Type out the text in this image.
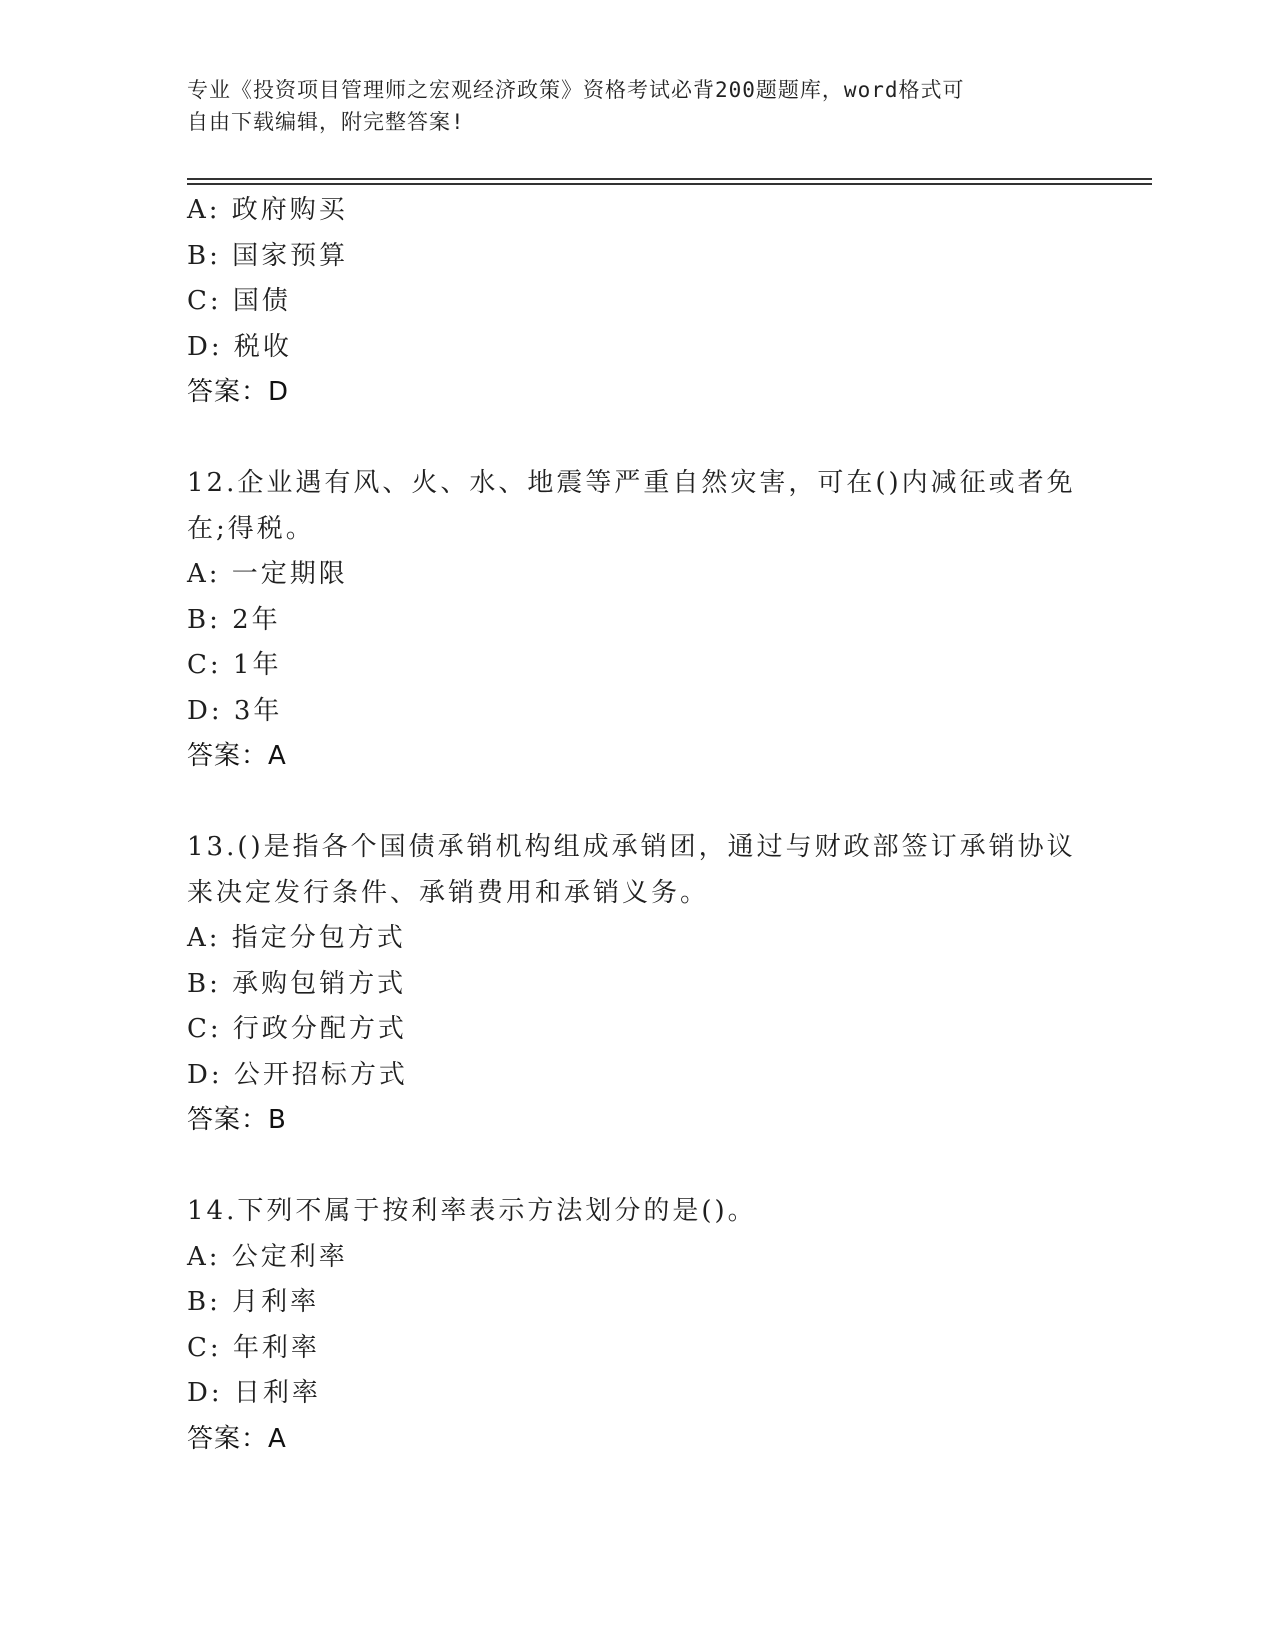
专业《投资项目管理师之宏观经济政策》资格考试必背200题题库，word格式可
自由下载编辑，附完整答案!
A: 政府购买
B: 国家预算
C: 国债
D: 税收
答案：D
12.企业遇有风、火、水、地震等严重自然灾害，可在()内减征或者免
在;得税。
A: 一定期限
B: 2年
C: 1年
D: 3年
答案：A
13.()是指各个国债承销机构组成承销团，通过与财政部签订承销协议
来决定发行条件、承销费用和承销义务。
A: 指定分包方式
B: 承购包销方式
C: 行政分配方式
D: 公开招标方式
答案：B
14.下列不属于按利率表示方法划分的是()。
A: 公定利率
B: 月利率
C: 年利率
D: 日利率
答案：A
